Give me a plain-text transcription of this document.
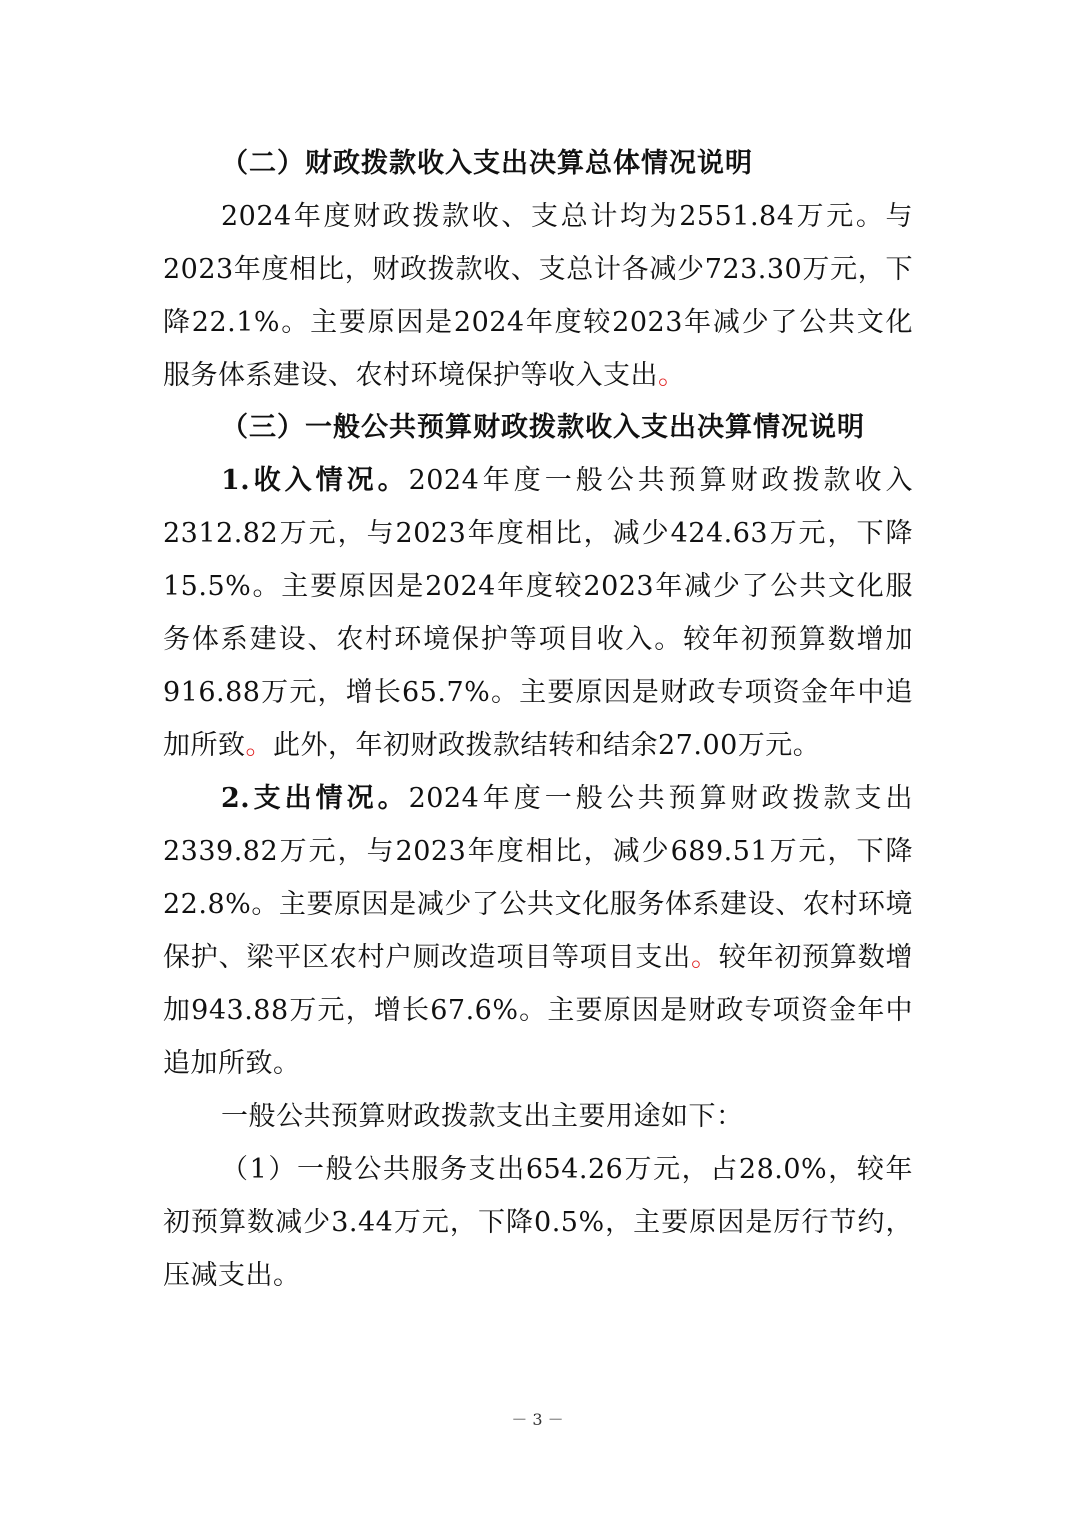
（二）财政拨款收入支出决算总体情况说明

2024年度财政拨款收、支总计均为2551.84万元。与2023年度相比，财政拨款收、支总计各减少723.30万元，下降22.1%。主要原因是2024年度较2023年减少了公共文化服务体系建设、农村环境保护等收入支出。

（三）一般公共预算财政拨款收入支出决算情况说明

1.收入情况。2024年度一般公共预算财政拨款收入2312.82万元，与2023年度相比，减少424.63万元，下降15.5%。主要原因是2024年度较2023年减少了公共文化服务体系建设、农村环境保护等项目收入。较年初预算数增加916.88万元，增长65.7%。主要原因是财政专项资金年中追加所致。此外，年初财政拨款结转和结余27.00万元。

2.支出情况。2024年度一般公共预算财政拨款支出2339.82万元，与2023年度相比，减少689.51万元，下降22.8%。主要原因是减少了公共文化服务体系建设、农村环境保护、梁平区农村户厕改造项目等项目支出。较年初预算数增加943.88万元，增长67.6%。主要原因是财政专项资金年中追加所致。

一般公共预算财政拨款支出主要用途如下：

（1）一般公共服务支出654.26万元，占28.0%，较年初预算数减少3.44万元，下降0.5%，主要原因是厉行节约，压减支出。

－ 3 －
